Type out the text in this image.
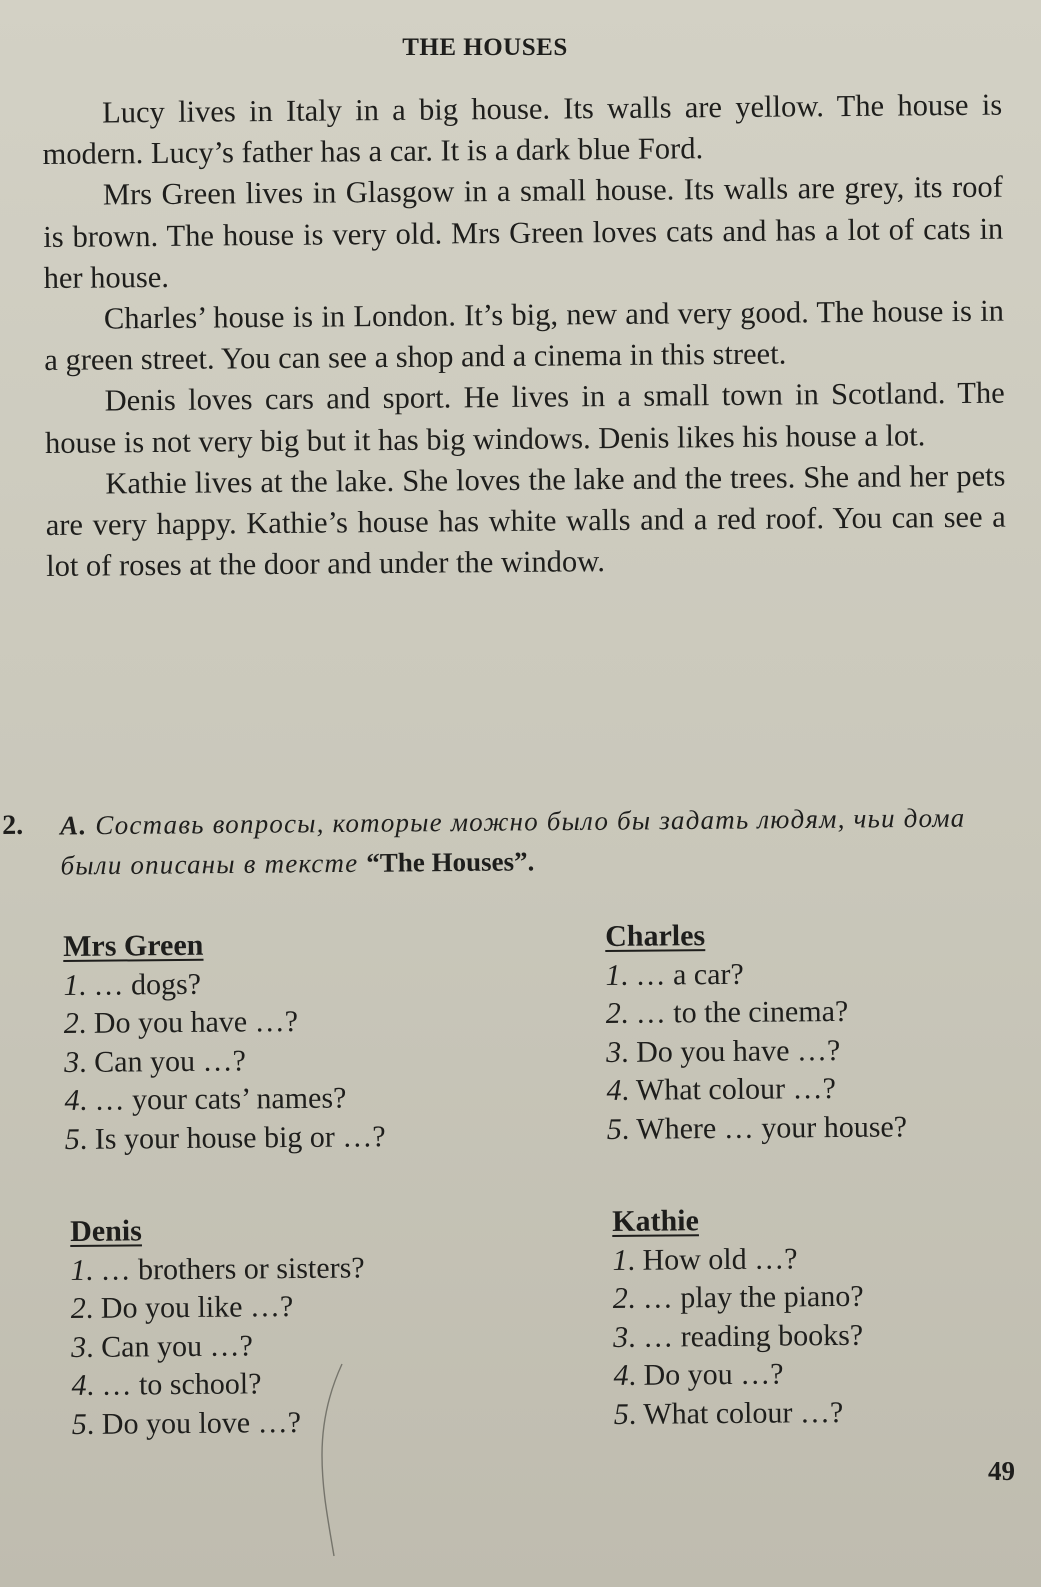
THE HOUSES

Lucy lives in Italy in a big house. Its walls are yellow. The house is modern. Lucy’s father has a car. It is a dark blue Ford.

Mrs Green lives in Glasgow in a small house. Its walls are grey, its roof is brown. The house is very old. Mrs Green loves cats and has a lot of cats in her house.

Charles’ house is in London. It’s big, new and very good. The house is in a green street. You can see a shop and a cinema in this street.

Denis loves cars and sport. He lives in a small town in Scotland. The house is not very big but it has big windows. Denis likes his house a lot.

Kathie lives at the lake. She loves the lake and the trees. She and her pets are very happy. Kathie’s house has white walls and a red roof. You can see a lot of roses at the door and under the window.

2. A. Составь вопросы, которые можно было бы задать людям, чьи дома были описаны в тексте “The Houses”.
Mrs Green
1. … dogs?
2. Do you have …?
3. Can you …?
4. … your cats’ names?
5. Is your house big or …?
Charles
1. … a car?
2. … to the cinema?
3. Do you have …?
4. What colour …?
5. Where … your house?
Denis
1. … brothers or sisters?
2. Do you like …?
3. Can you …?
4. … to school?
5. Do you love …?
Kathie
1. How old …?
2. … play the piano?
3. … reading books?
4. Do you …?
5. What colour …?
49
